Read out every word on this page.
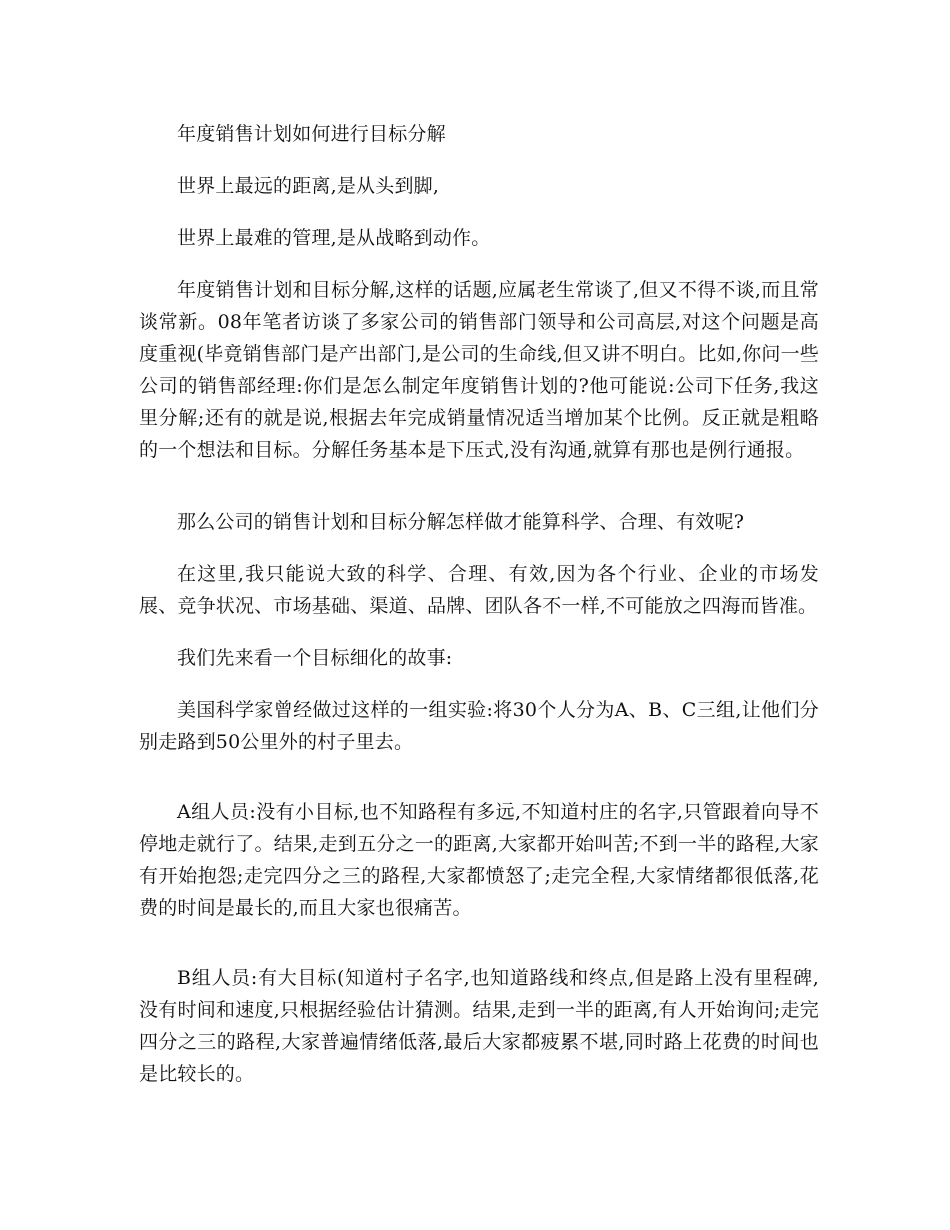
年度销售计划如何进行目标分解

世界上最远的距离,是从头到脚,

世界上最难的管理,是从战略到动作。

年度销售计划和目标分解,这样的话题,应属老生常谈了,但又不得不谈,而且常谈常新。08年笔者访谈了多家公司的销售部门领导和公司高层,对这个问题是高度重视(毕竟销售部门是产出部门,是公司的生命线,但又讲不明白。比如,你问一些公司的销售部经理:你们是怎么制定年度销售计划的?他可能说:公司下任务,我这里分解;还有的就是说,根据去年完成销量情况适当增加某个比例。反正就是粗略的一个想法和目标。分解任务基本是下压式,没有沟通,就算有那也是例行通报。

那么公司的销售计划和目标分解怎样做才能算科学、合理、有效呢?

在这里,我只能说大致的科学、合理、有效,因为各个行业、企业的市场发展、竞争状况、市场基础、渠道、品牌、团队各不一样,不可能放之四海而皆准。

我们先来看一个目标细化的故事:

美国科学家曾经做过这样的一组实验:将30个人分为A、B、C三组,让他们分别走路到50公里外的村子里去。

A组人员:没有小目标,也不知路程有多远,不知道村庄的名字,只管跟着向导不停地走就行了。结果,走到五分之一的距离,大家都开始叫苦;不到一半的路程,大家有开始抱怨;走完四分之三的路程,大家都愤怒了;走完全程,大家情绪都很低落,花费的时间是最长的,而且大家也很痛苦。

B组人员:有大目标(知道村子名字,也知道路线和终点,但是路上没有里程碑,没有时间和速度,只根据经验估计猜测。结果,走到一半的距离,有人开始询问;走完四分之三的路程,大家普遍情绪低落,最后大家都疲累不堪,同时路上花费的时间也是比较长的。
